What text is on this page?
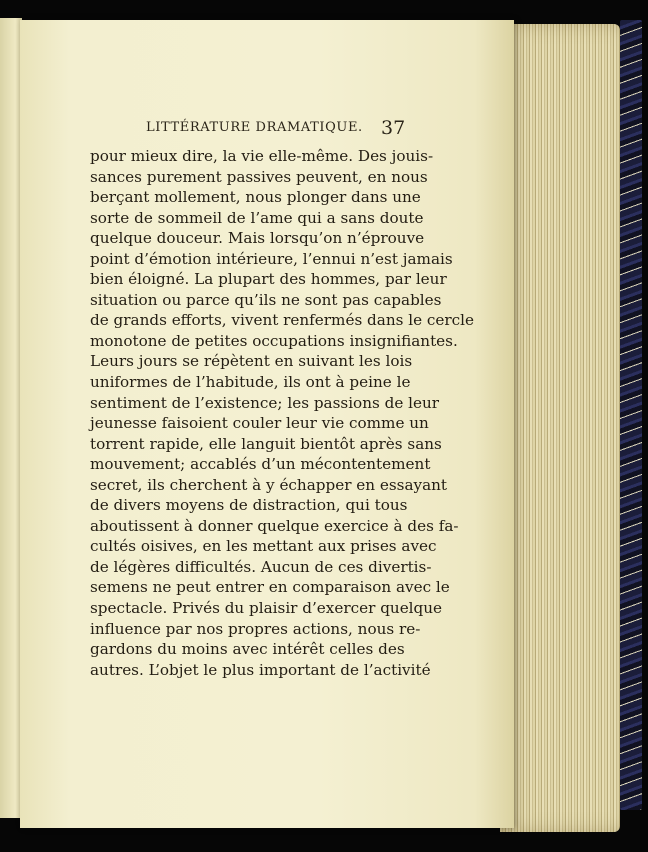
LITTÉRATURE DRAMATIQUE. 37
pour mieux dire, la vie elle-même. Des jouis-
sances purement passives peuvent, en nous
berçant mollement, nous plonger dans une
sorte de sommeil de l’ame qui a sans doute
quelque douceur. Mais lorsqu’on n’éprouve
point d’émotion intérieure, l’ennui n’est jamais
bien éloigné. La plupart des hommes, par leur
situation ou parce qu’ils ne sont pas capables
de grands efforts, vivent renfermés dans le cercle
monotone de petites occupations insignifiantes.
Leurs jours se répètent en suivant les lois
uniformes de l’habitude, ils ont à peine le
sentiment de l’existence; les passions de leur
jeunesse faisoient couler leur vie comme un
torrent rapide, elle languit bientôt après sans
mouvement; accablés d’un mécontentement
secret, ils cherchent à y échapper en essayant
de divers moyens de distraction, qui tous
aboutissent à donner quelque exercice à des fa-
cultés oisives, en les mettant aux prises avec
de légères difficultés. Aucun de ces divertis-
semens ne peut entrer en comparaison avec le
spectacle. Privés du plaisir d’exercer quelque
influence par nos propres actions, nous re-
gardons du moins avec intérêt celles des
autres. L’objet le plus important de l’activité
